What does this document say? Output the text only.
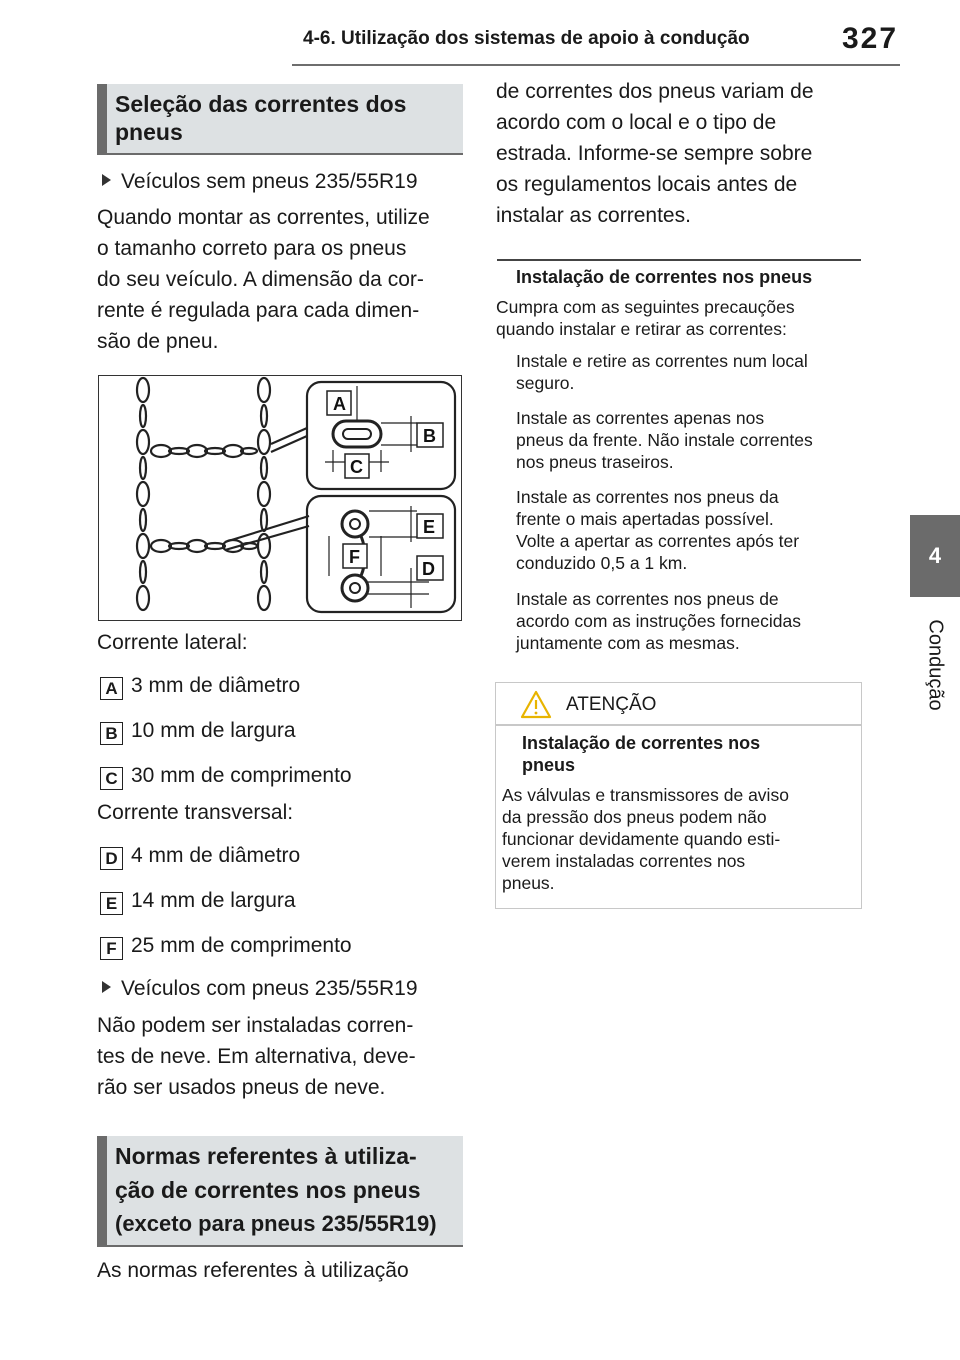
4-6. Utilização dos sistemas de apoio à condução	327
4
Condução
Seleção das correntes dos
pneus
Veículos sem pneus 235/55R19
Quando montar as correntes, utilize
o tamanho correto para os pneus
do seu veículo. A dimensão da cor-
rente é regulada para cada dimen-
são de pneu.
A
B
C
E
F
D
Corrente lateral:
A 3 mm de diâmetro
B 10 mm de largura
C 30 mm de comprimento
Corrente transversal:
D 4 mm de diâmetro
E 14 mm de largura
F 25 mm de comprimento
Veículos com pneus 235/55R19
Não podem ser instaladas corren-
tes de neve. Em alternativa, deve-
rão ser usados pneus de neve.
Normas referentes à utiliza-
ção de correntes nos pneus
(exceto para pneus 235/55R19)
As normas referentes à utilização
de correntes dos pneus variam de
acordo com o local e o tipo de
estrada. Informe-se sempre sobre
os regulamentos locais antes de
instalar as correntes.
Instalação de correntes nos pneus
Cumpra com as seguintes precauções
quando instalar e retirar as correntes:
Instale e retire as correntes num local
seguro.
Instale as correntes apenas nos
pneus da frente. Não instale correntes
nos pneus traseiros.
Instale as correntes nos pneus da
frente o mais apertadas possível.
Volte a apertar as correntes após ter
conduzido 0,5 a 1 km.
Instale as correntes nos pneus de
acordo com as instruções fornecidas
juntamente com as mesmas.
ATENÇÃO
Instalação de correntes nos
pneus
As válvulas e transmissores de aviso
da pressão dos pneus podem não
funcionar devidamente quando esti-
verem instaladas correntes nos
pneus.
